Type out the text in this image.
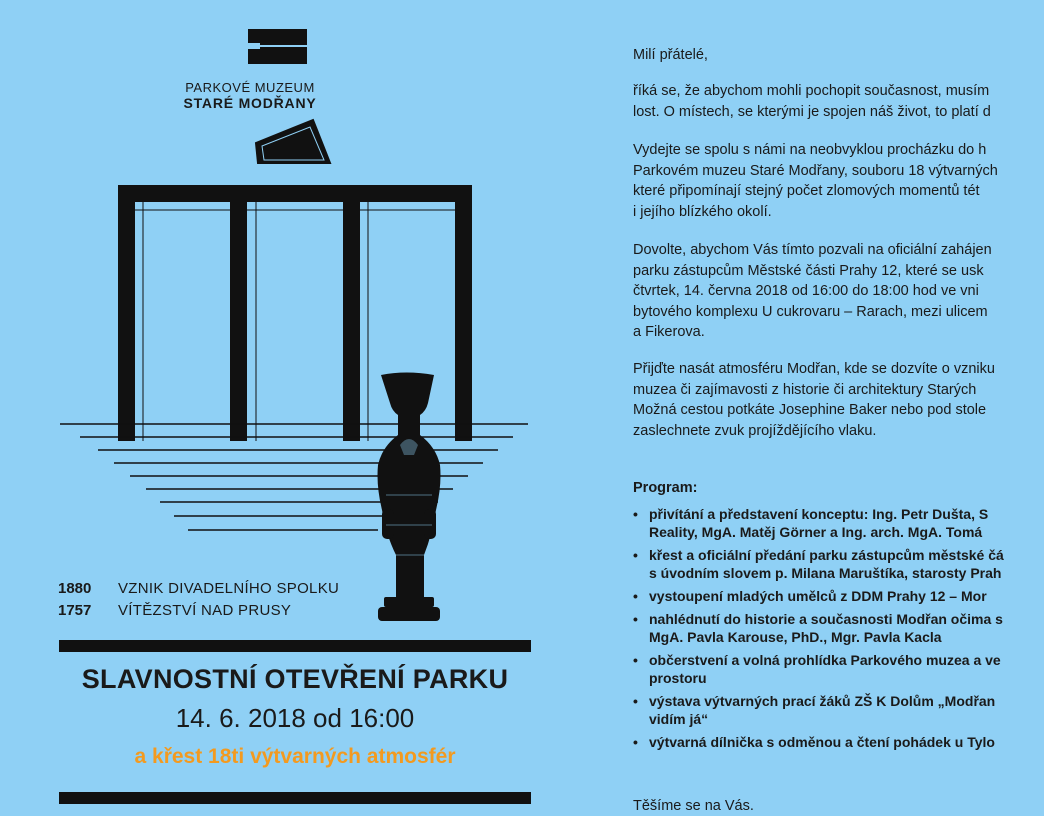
PARKOVÉ MUZEUM
STARÉ MODŘANY
1880	VZNIK DIVADELNÍHO SPOLKU
1757	VÍTĚZSTVÍ NAD PRUSY
SLAVNOSTNÍ OTEVŘENÍ PARKU
14. 6. 2018 od 16:00
a křest 18ti výtvarných atmosfér
Milí přátelé,
říká se, že abychom mohli pochopit současnost, musím
lost. O místech, se kterými je spojen náš život, to platí d
Vydejte se spolu s námi na neobvyklou procházku do h
Parkovém muzeu Staré Modřany, souboru 18 výtvarných
které připomínají stejný počet zlomových momentů tét
i jejího blízkého okolí.
Dovolte, abychom Vás tímto pozvali na oficiální zahájen
parku zástupcům Městské části Prahy 12, které se usk
čtvrtek, 14. června 2018 od 16:00 do 18:00 hod ve vni
bytového komplexu U cukrovaru – Rarach, mezi ulicem
a Fikerova.
Přijďte nasát atmosféru Modřan, kde se dozvíte o vzniku
muzea či zajímavosti z historie či architektury Starých
Možná cestou potkáte Josephine Baker nebo pod stole
zaslechnete zvuk projíždějícího vlaku.
Program:
• přivítání a představení konceptu: Ing. Petr Dušta, S
Reality, MgA. Matěj Görner a Ing. arch. MgA. Tomá
• křest a oficiální předání parku zástupcům městské čá
s úvodním slovem p. Milana Maruštíka, starosty Prah
• vystoupení mladých umělců z DDM Prahy 12 – Mor
• nahlédnutí do historie a současnosti Modřan očima s
MgA. Pavla Karouse, PhD., Mgr. Pavla Kacla
• občerstvení a volná prohlídka Parkového muzea a ve
prostoru
• výstava výtvarných prací žáků ZŠ K Dolům „Modřan
vidím já“
• výtvarná dílnička s odměnou a čtení pohádek u Tylo
Těšíme se na Vás.
